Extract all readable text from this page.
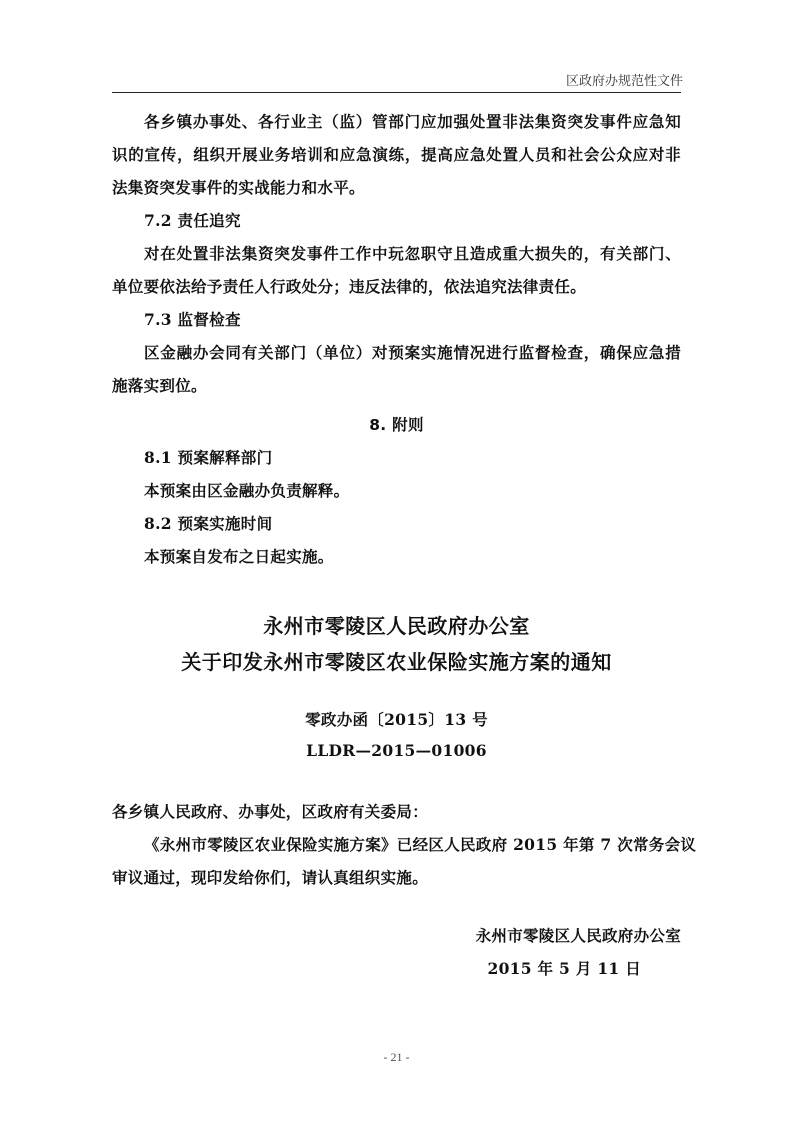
区政府办规范性文件
各乡镇办事处、各行业主（监）管部门应加强处置非法集资突发事件应急知
识的宣传，组织开展业务培训和应急演练，提高应急处置人员和社会公众应对非
法集资突发事件的实战能力和水平。
7.2 责任追究
对在处置非法集资突发事件工作中玩忽职守且造成重大损失的，有关部门、
单位要依法给予责任人行政处分；违反法律的，依法追究法律责任。
7.3 监督检查
区金融办会同有关部门（单位）对预案实施情况进行监督检查，确保应急措
施落实到位。
8. 附则
8.1 预案解释部门
本预案由区金融办负责解释。
8.2 预案实施时间
本预案自发布之日起实施。
永州市零陵区人民政府办公室
关于印发永州市零陵区农业保险实施方案的通知
零政办函〔2015〕13 号
LLDR—2015—01006
各乡镇人民政府、办事处，区政府有关委局：
《永州市零陵区农业保险实施方案》已经区人民政府 2015 年第 7 次常务会议
审议通过，现印发给你们，请认真组织实施。
永州市零陵区人民政府办公室
2015 年 5 月 11 日
- 21 -
